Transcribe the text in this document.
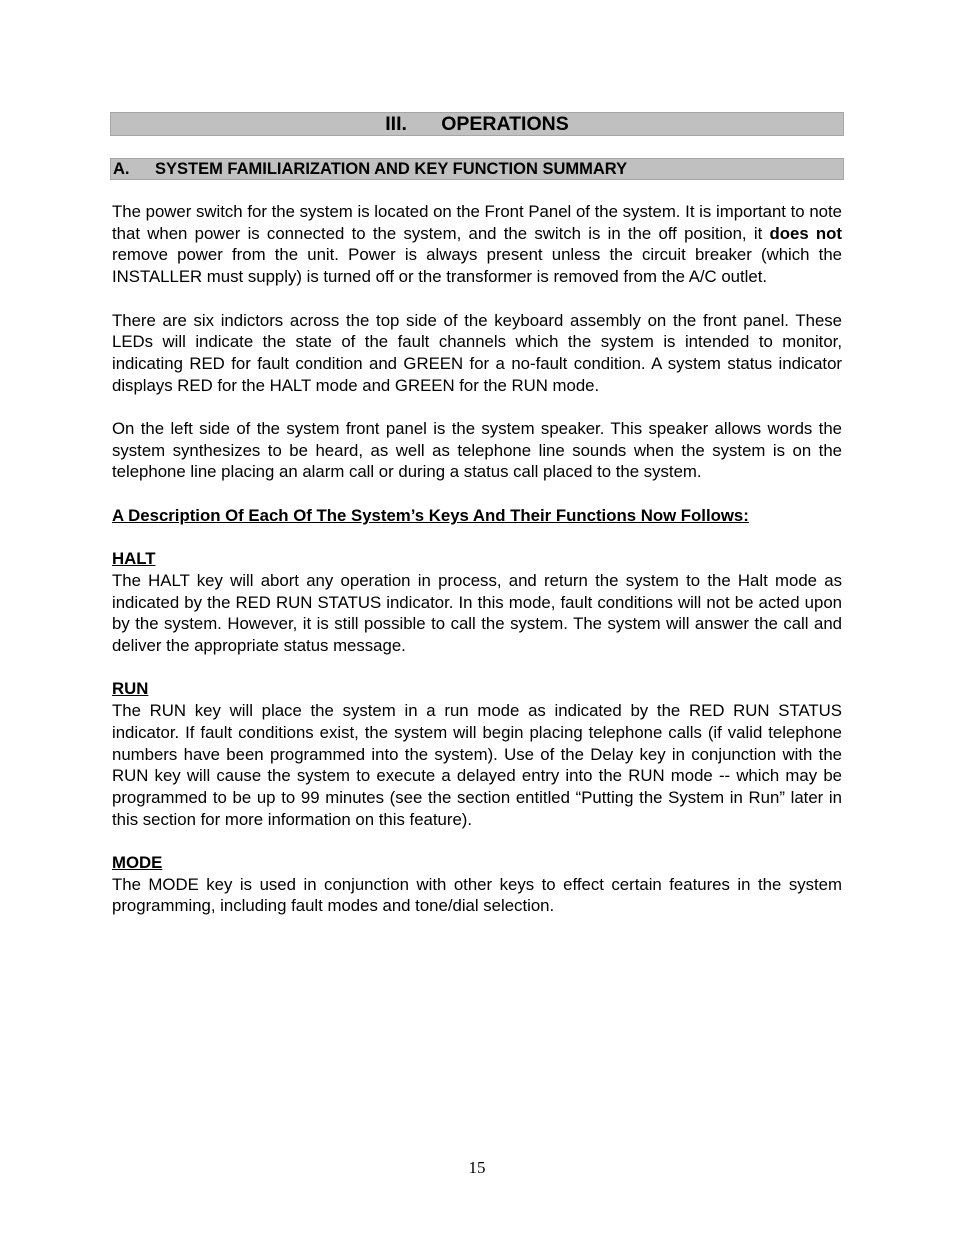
III.	OPERATIONS
A.	SYSTEM FAMILIARIZATION AND KEY FUNCTION SUMMARY

The power switch for the system is located on the Front Panel of the system. It is important to note that when power is connected to the system, and the switch is in the off position, it does not remove power from the unit. Power is always present unless the circuit breaker (which the INSTALLER must supply) is turned off or the transformer is removed from the A/C outlet.

There are six indictors across the top side of the keyboard assembly on the front panel. These LEDs will indicate the state of the fault channels which the system is intended to monitor, indicating RED for fault condition and GREEN for a no-fault condition. A system status indicator displays RED for the HALT mode and GREEN for the RUN mode.

On the left side of the system front panel is the system speaker. This speaker allows words the system synthesizes to be heard, as well as telephone line sounds when the system is on the telephone line placing an alarm call or during a status call placed to the system.

A Description Of Each Of The System’s Keys And Their Functions Now Follows:
HALT

The HALT key will abort any operation in process, and return the system to the Halt mode as indicated by the RED RUN STATUS indicator. In this mode, fault conditions will not be acted upon by the system. However, it is still possible to call the system. The system will answer the call and deliver the appropriate status message.

RUN

The RUN key will place the system in a run mode as indicated by the RED RUN STATUS indicator. If fault conditions exist, the system will begin placing telephone calls (if valid telephone numbers have been programmed into the system). Use of the Delay key in conjunction with the RUN key will cause the system to execute a delayed entry into the RUN mode -- which may be programmed to be up to 99 minutes (see the section entitled “Putting the System in Run” later in this section for more information on this feature).

MODE

The MODE key is used in conjunction with other keys to effect certain features in the system programming, including fault modes and tone/dial selection.

15
